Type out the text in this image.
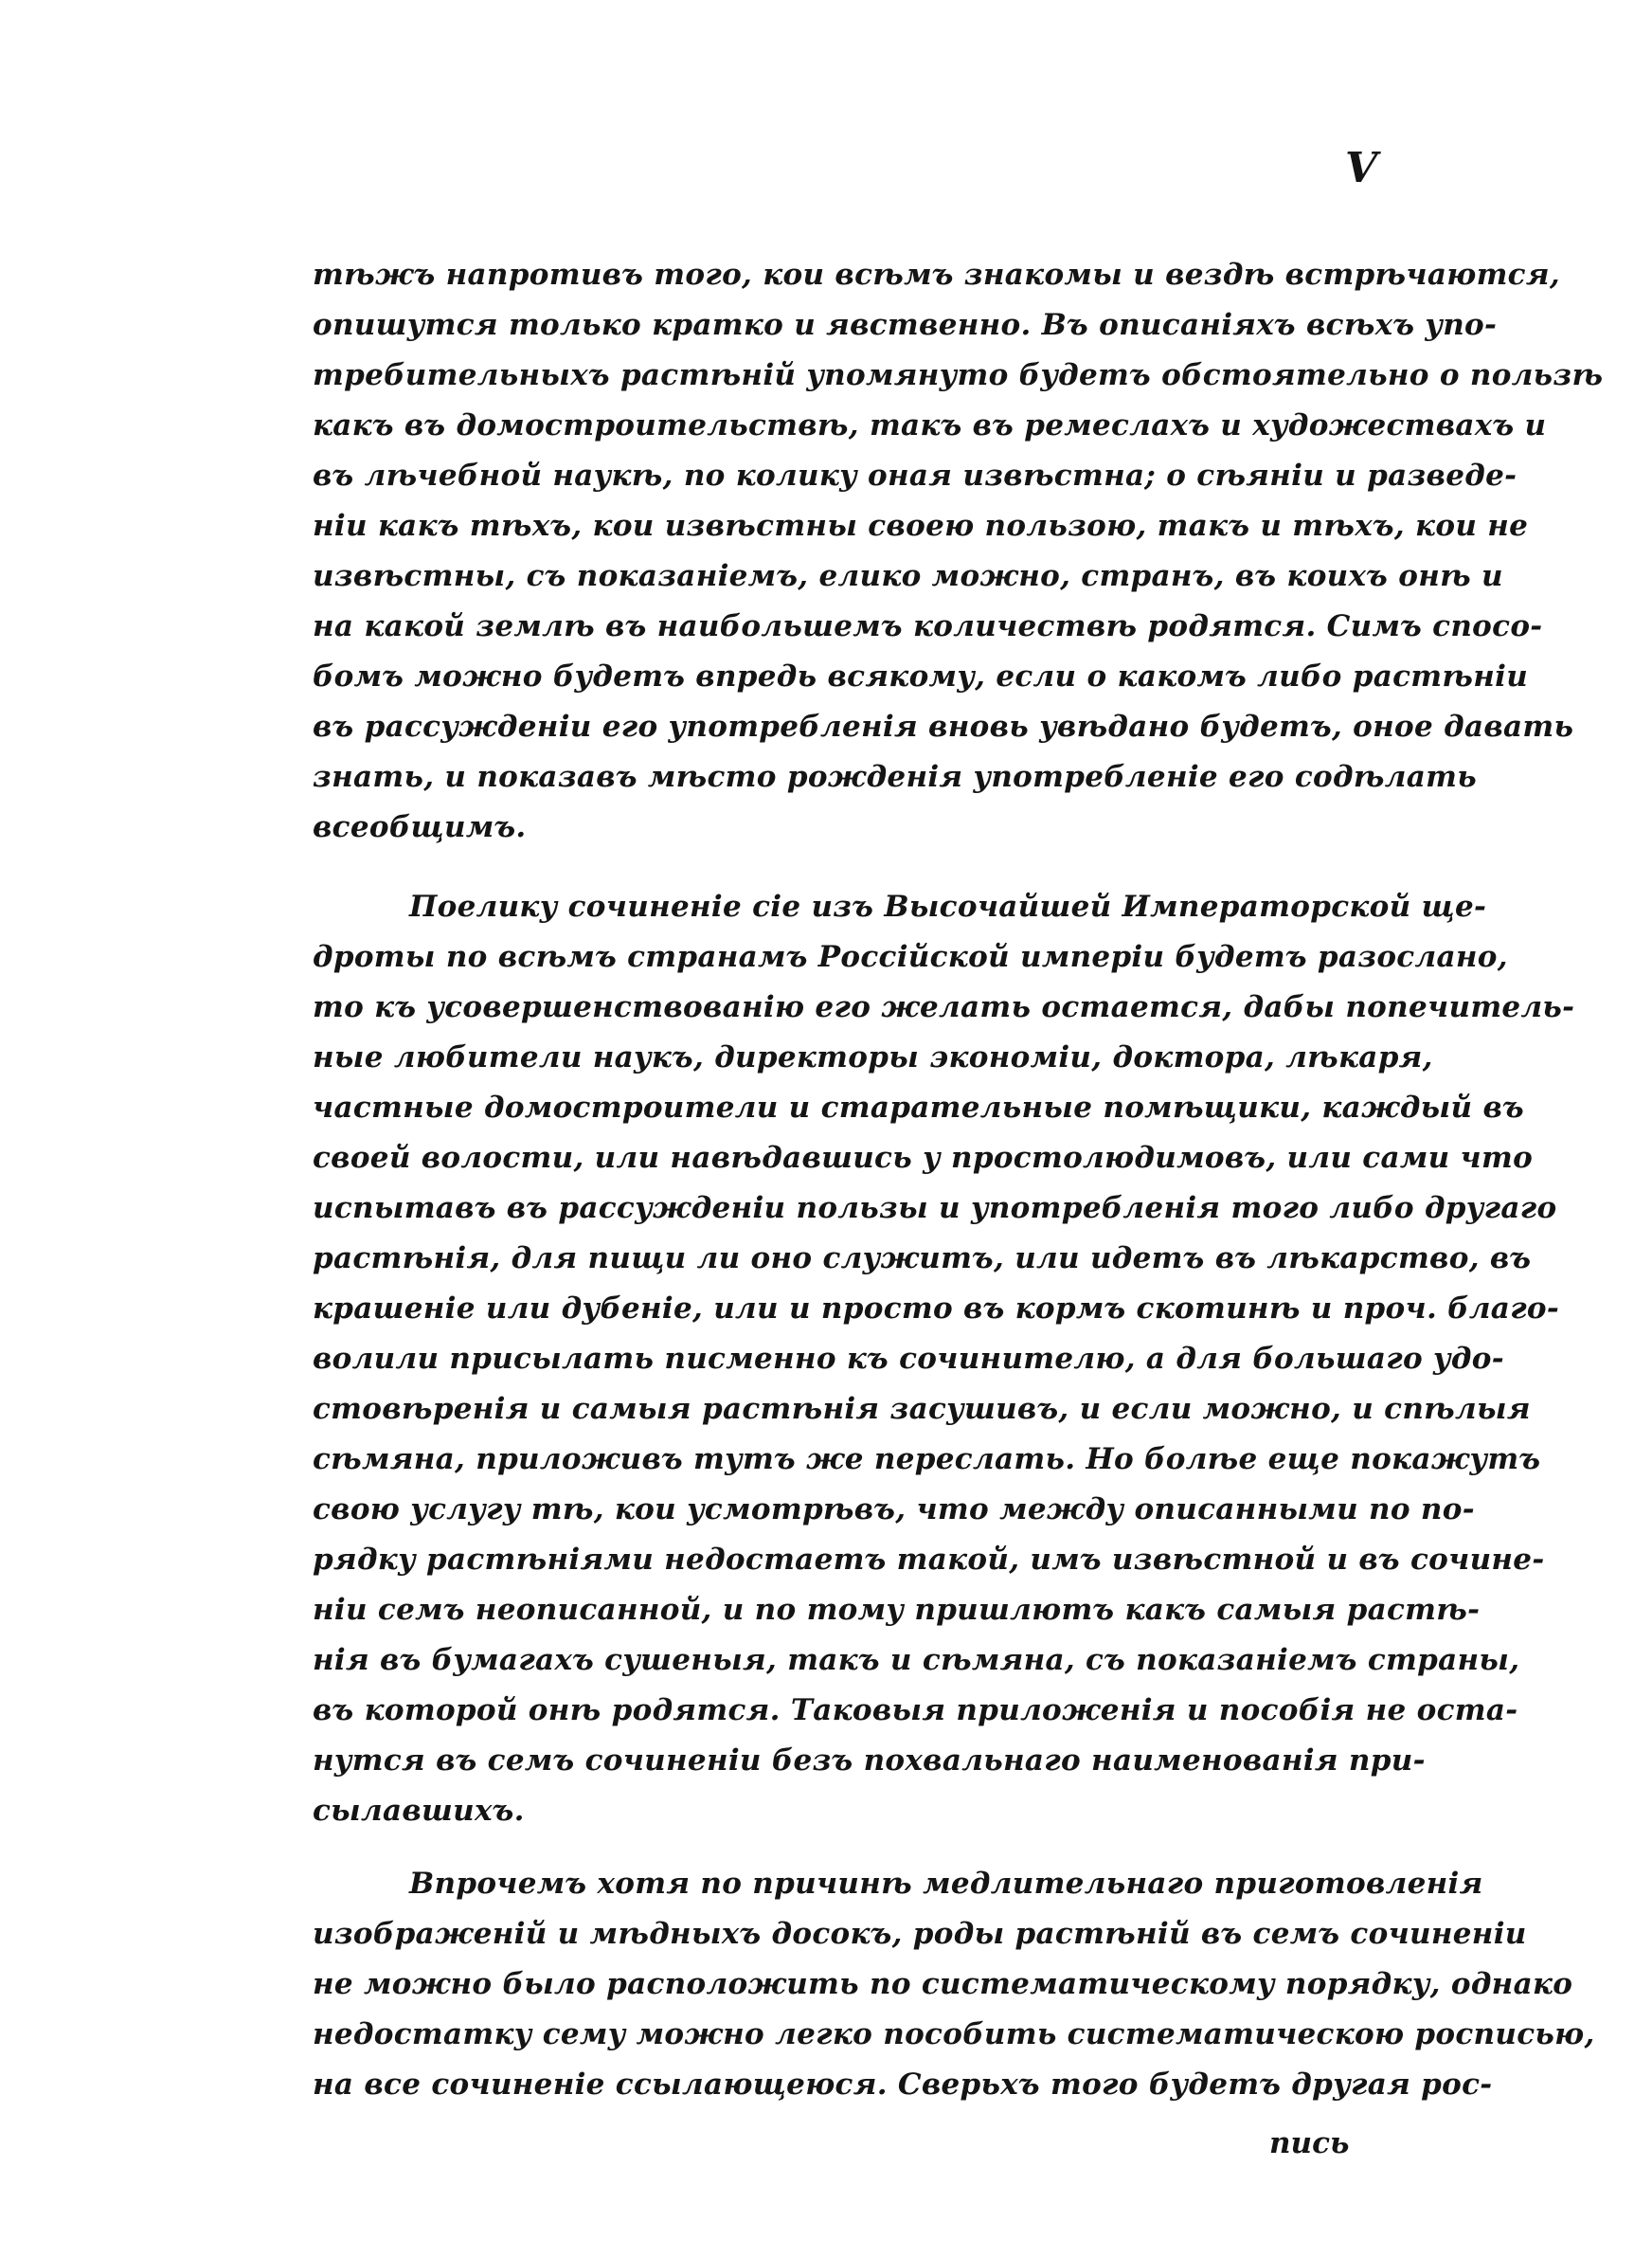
V
тѣжъ напротивъ того, кои всѣмъ знакомы и вездѣ встрѣчаются,
опишутся только кратко и явственно. Въ описаніяхъ всѣхъ упо-
требительныхъ растѣній упомянуто будетъ обстоятельно о пользѣ
какъ въ домостроительствѣ, такъ въ ремеслахъ и художествахъ и
въ лѣчебной наукѣ, по колику оная извѣстна; о сѣяніи и разведе-
ніи какъ тѣхъ, кои извѣстны своею пользою, такъ и тѣхъ, кои не
извѣстны, съ показаніемъ, елико можно, странъ, въ коихъ онѣ и
на какой землѣ въ наибольшемъ количествѣ родятся. Симъ спосо-
бомъ можно будетъ впредь всякому, если о какомъ либо растѣніи
въ рассужденіи его употребленія вновь увѣдано будетъ, оное давать
знать, и показавъ мѣсто рожденія употребленіе его содѣлать
всеобщимъ.
Поелику сочиненіе сіе изъ Высочайшей Императорской ще-
дроты по всѣмъ странамъ Россійской имперіи будетъ разослано,
то къ усовершенствованію его желать остается, дабы попечитель-
ные любители наукъ, директоры экономіи, доктора, лѣкаря,
частные домостроители и старательные помѣщики, каждый въ
своей волости, или навѣдавшись у простолюдимовъ, или сами что
испытавъ въ рассужденіи пользы и употребленія того либо другаго
растѣнія, для пищи ли оно служитъ, или идетъ въ лѣкарство, въ
крашеніе или дубеніе, или и просто въ кормъ скотинѣ и проч. благо-
волили присылать писменно къ сочинителю, а для большаго удо-
стовѣренія и самыя растѣнія засушивъ, и если можно, и спѣлыя
сѣмяна, приложивъ тутъ же переслать. Но болѣе еще покажутъ
свою услугу тѣ, кои усмотрѣвъ, что между описанными по по-
рядку растѣніями недостаетъ такой, имъ извѣстной и въ сочине-
ніи семъ неописанной, и по тому пришлютъ какъ самыя растѣ-
нія въ бумагахъ сушеныя, такъ и сѣмяна, съ показаніемъ страны,
въ которой онѣ родятся. Таковыя приложенія и пособія не оста-
нутся въ семъ сочиненіи безъ похвальнаго наименованія при-
сылавшихъ.
Впрочемъ хотя по причинѣ медлительнаго приготовленія
изображеній и мѣдныхъ досокъ, роды растѣній въ семъ сочиненіи
не можно было расположить по систематическому порядку, однако
недостатку сему можно легко пособить систематическою росписью,
на все сочиненіе ссылающеюся. Сверьхъ того будетъ другая рос-
пись
